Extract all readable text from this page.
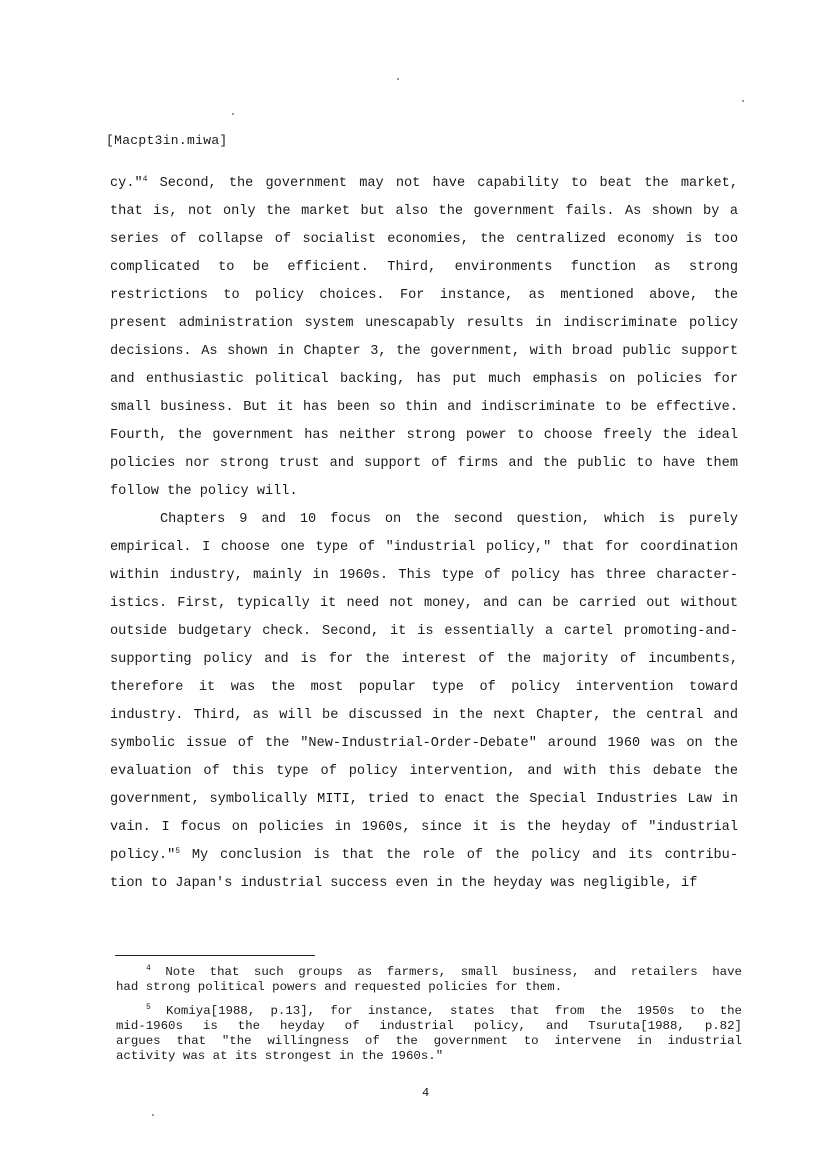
[Macpt3in.miwa]
cy."$^4$ Second, the government may not have capability to beat the market,
that is, not only the market but also the government fails. As shown by a
series of collapse of socialist economies, the centralized economy is too
complicated to be efficient. Third, environments function as strong
restrictions to policy choices. For instance, as mentioned above, the
present administration system unescapably results in indiscriminate policy
decisions. As shown in Chapter 3, the government, with broad public support
and enthusiastic political backing, has put much emphasis on policies for
small business. But it has been so thin and indiscriminate to be effective.
Fourth, the government has neither strong power to choose freely the ideal
policies nor strong trust and support of firms and the public to have them
follow the policy will.
Chapters 9 and 10 focus on the second question, which is purely
empirical. I choose one type of "industrial policy," that for coordination
within industry, mainly in 1960s. This type of policy has three character-
istics. First, typically it need not money, and can be carried out without
outside budgetary check. Second, it is essentially a cartel promoting-and-
supporting policy and is for the interest of the majority of incumbents,
therefore it was the most popular type of policy intervention toward
industry. Third, as will be discussed in the next Chapter, the central and
symbolic issue of the "New-Industrial-Order-Debate" around 1960 was on the
evaluation of this type of policy intervention, and with this debate the
government, symbolically MITI, tried to enact the Special Industries Law in
vain. I focus on policies in 1960s, since it is the heyday of "industrial
policy."$^5$ My conclusion is that the role of the policy and its contribu-
tion to Japan's industrial success even in the heyday was negligible, if
$^4$ Note that such groups as farmers, small business, and retailers have
had strong political powers and requested policies for them.
$^5$ Komiya[1988, p.13], for instance, states that from the 1950s to the
mid-1960s is the heyday of industrial policy, and Tsuruta[1988, p.82]
argues that "the willingness of the government to intervene in industrial
activity was at its strongest in the 1960s."
4
